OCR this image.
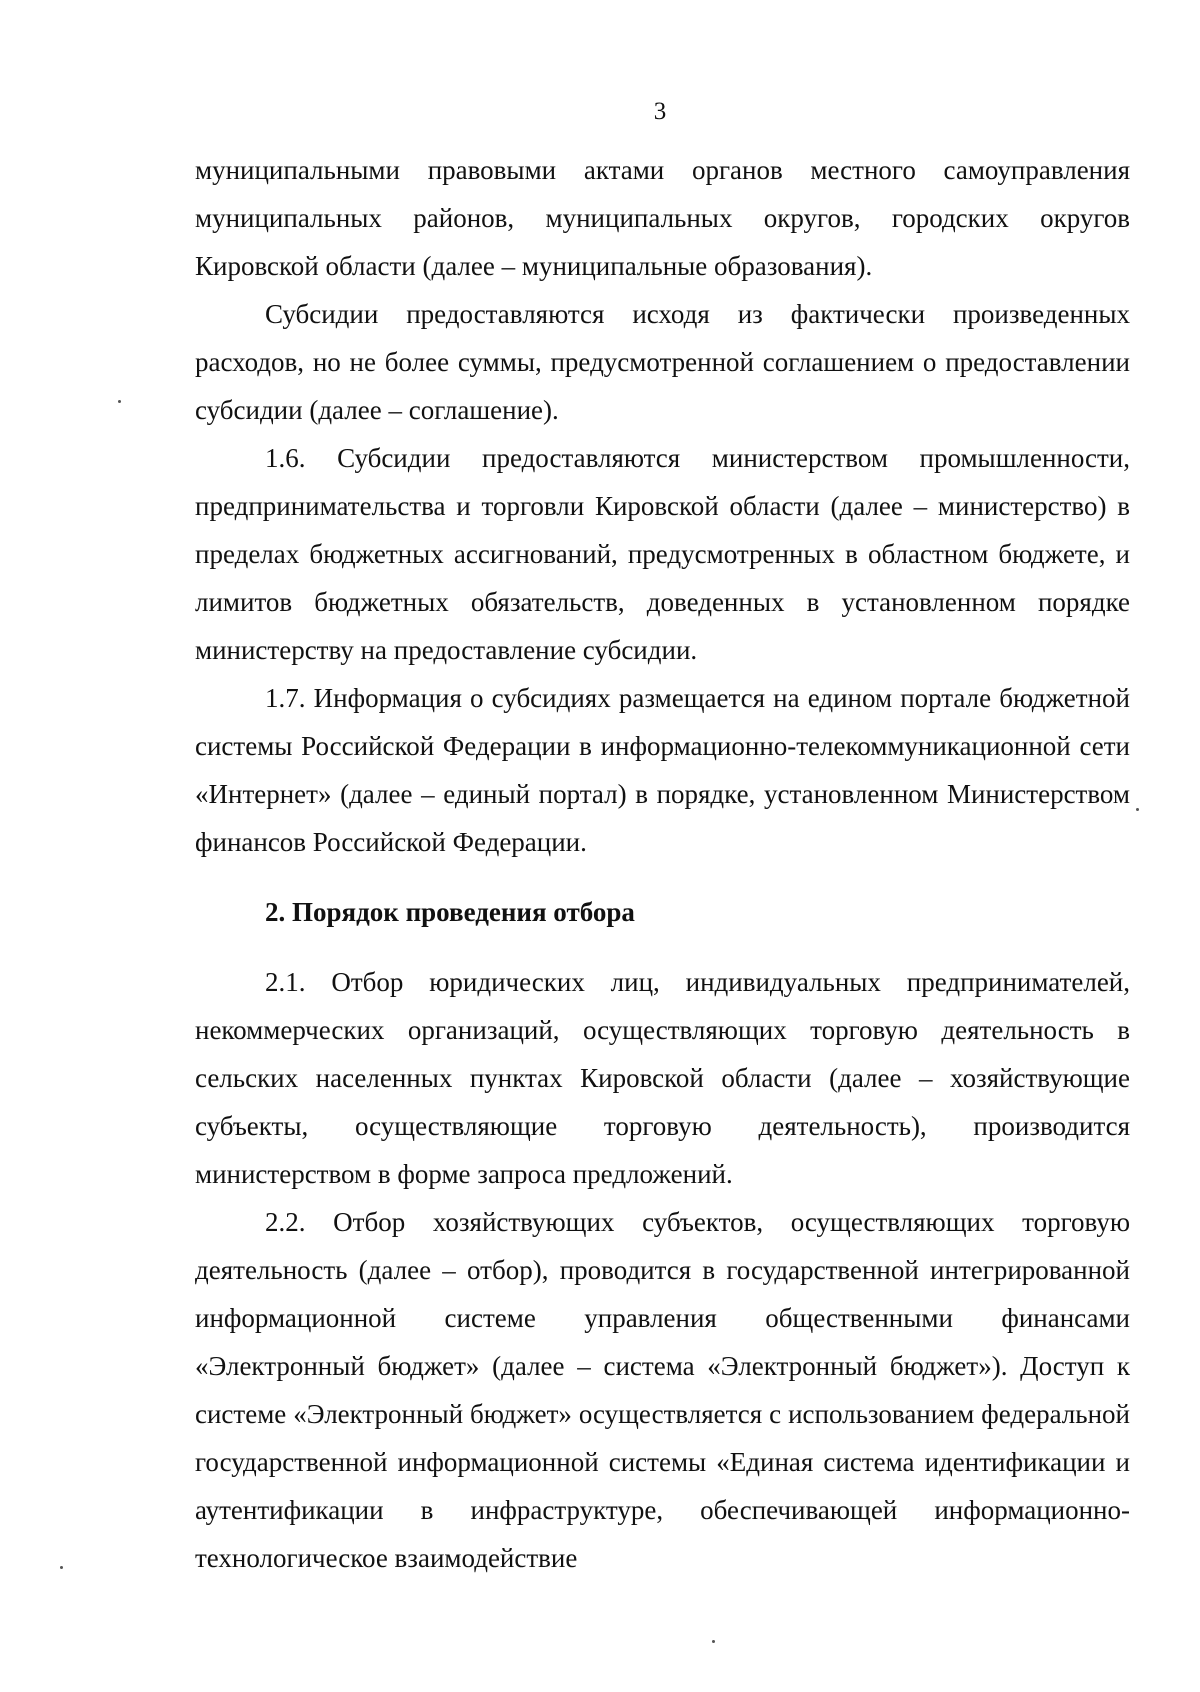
3

муниципальными правовыми актами органов местного самоуправления муниципальных районов, муниципальных округов, городских округов Кировской области (далее – муниципальные образования).

Субсидии предоставляются исходя из фактически произведенных расходов, но не более суммы, предусмотренной соглашением о предоставлении субсидии (далее – соглашение).

1.6. Субсидии предоставляются министерством промышленности, предпринимательства и торговли Кировской области (далее – министерство) в пределах бюджетных ассигнований, предусмотренных в областном бюджете, и лимитов бюджетных обязательств, доведенных в установленном порядке министерству на предоставление субсидии.

1.7. Информация о субсидиях размещается на едином портале бюджетной системы Российской Федерации в информационно-телекоммуникационной сети «Интернет» (далее – единый портал) в порядке, установленном Министерством финансов Российской Федерации.

2. Порядок проведения отбора

2.1. Отбор юридических лиц, индивидуальных предпринимателей, некоммерческих организаций, осуществляющих торговую деятельность в сельских населенных пунктах Кировской области (далее – хозяйствующие субъекты, осуществляющие торговую деятельность), производится министерством в форме запроса предложений.

2.2. Отбор хозяйствующих субъектов, осуществляющих торговую деятельность (далее – отбор), проводится в государственной интегрированной информационной системе управления общественными финансами «Электронный бюджет» (далее – система «Электронный бюджет»). Доступ к системе «Электронный бюджет» осуществляется с использованием федеральной государственной информационной системы «Единая система идентификации и аутентификации в инфраструктуре, обеспечивающей информационно-технологическое взаимодействие
